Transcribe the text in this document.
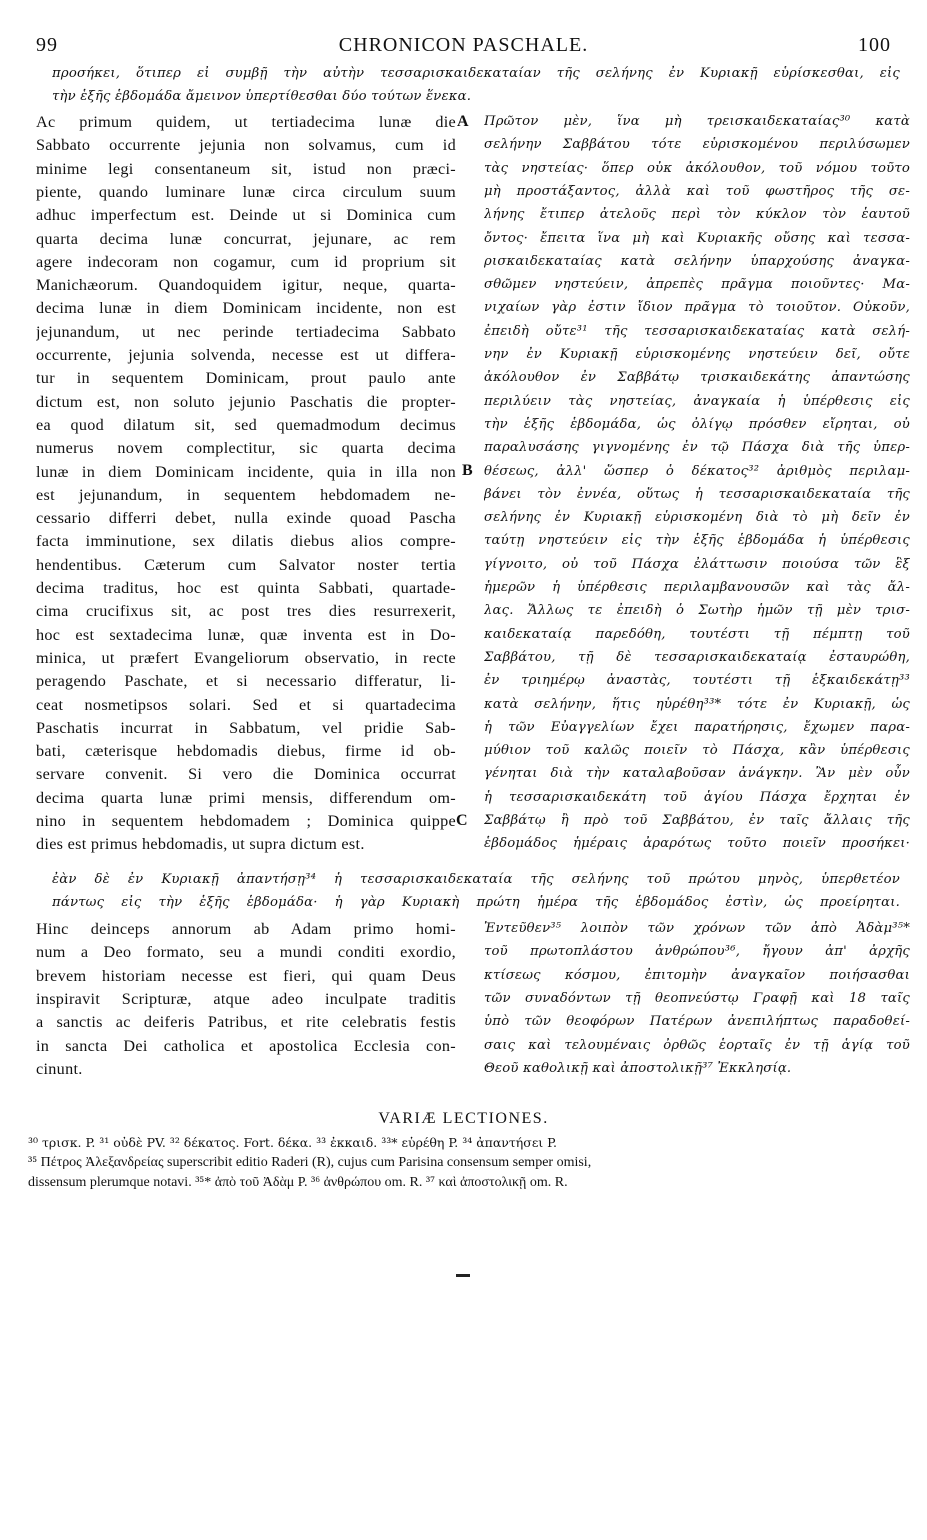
99	CHRONICON PASCHALE.	100
προσήκει, ὅτιπερ εἰ συμβῇ τὴν αὐτὴν τεσσαρισκαιδεκαταίαν τῆς σελήνης ἐν Κυριακῇ εὑρίσκεσθαι, εἰς
τὴν ἑξῆς ἑβδομάδα ἄμεινον ὑπερτίθεσθαι δύο τούτων ἕνεκα.
Ac primum quidem, ut tertiadecima lunæ die
Sabbato occurrente jejunia non solvamus, cum id
minime legi consentaneum sit, istud non præci-
piente, quando luminare lunæ circa circulum suum
adhuc imperfectum est. Deinde ut si Dominica cum
quarta decima lunæ concurrat, jejunare, ac rem
agere indecoram non cogamur, cum id proprium sit
Manichæorum. Quandoquidem igitur, neque, quarta-
decima lunæ in diem Dominicam incidente, non est
jejunandum, ut nec perinde tertiadecima Sabbato
occurrente, jejunia solvenda, necesse est ut differa-
tur in sequentem Dominicam, prout paulo ante
dictum est, non soluto jejunio Paschatis die propter-
ea quod dilatum sit, sed quemadmodum decimus
numerus novem complectitur, sic quarta decima
lunæ in diem Dominicam incidente, quia in illa non
est jejunandum, in sequentem hebdomadem ne-
cessario differri debet, nulla exinde quoad Pascha
facta imminutione, sex dilatis diebus alios compre-
hendentibus. Cæterum cum Salvator noster tertia
decima traditus, hoc est quinta Sabbati, quartade-
cima crucifixus sit, ac post tres dies resurrexerit,
hoc est sextadecima lunæ, quæ inventa est in Do-
minica, ut præfert Evangeliorum observatio, in recte
peragendo Paschate, et si necessario differatur, li-
ceat nosmetipsos solari. Sed et si quartadecima
Paschatis incurrat in Sabbatum, vel pridie Sab-
bati, cæterisque hebdomadis diebus, firme id ob-
servare convenit. Si vero die Dominica occurrat
decima quarta lunæ primi mensis, differendum om-
nino in sequentem hebdomadem ; Dominica quippe
dies est primus hebdomadis, ut supra dictum est.
Πρῶτον μὲν, ἵνα μὴ τρεισκαιδεκαταίας³⁰ κατὰ
σελήνην Σαββάτου τότε εὑρισκομένου περιλύσωμεν
τὰς νηστείας· ὅπερ οὐκ ἀκόλουθον, τοῦ νόμου τοῦτο
μὴ προστάξαντος, ἀλλὰ καὶ τοῦ φωστῆρος τῆς σε-
λήνης ἔτιπερ ἀτελοῦς περὶ τὸν κύκλον τὸν ἑαυτοῦ
ὄντος· ἔπειτα ἵνα μὴ καὶ Κυριακῆς οὔσης καὶ τεσσα-
ρισκαιδεκαταίας κατὰ σελήνην ὑπαρχούσης ἀναγκα-
σθῶμεν νηστεύειν, ἀπρεπὲς πρᾶγμα ποιοῦντες· Μα-
νιχαίων γὰρ ἐστιν ἴδιον πρᾶγμα τὸ τοιοῦτον. Οὐκοῦν,
ἐπειδὴ οὔτε³¹ τῆς τεσσαρισκαιδεκαταίας κατὰ σελή-
νην ἐν Κυριακῇ εὑρισκομένης νηστεύειν δεῖ, οὔτε
ἀκόλουθον ἐν Σαββάτῳ τρισκαιδεκάτης ἀπαντώσης
περιλύειν τὰς νηστείας, ἀναγκαία ἡ ὑπέρθεσις εἰς
τὴν ἑξῆς ἑβδομάδα, ὡς ὀλίγῳ πρόσθεν εἴρηται, οὐ
παραλυσάσης γιγνομένης ἐν τῷ Πάσχα διὰ τῆς ὑπερ-
θέσεως, ἀλλ' ὥσπερ ὁ δέκατος³² ἀριθμὸς περιλαμ-
βάνει τὸν ἐννέα, οὕτως ἡ τεσσαρισκαιδεκαταία τῆς
σελήνης ἐν Κυριακῇ εὑρισκομένη διὰ τὸ μὴ δεῖν ἐν
ταύτῃ νηστεύειν εἰς τὴν ἑξῆς ἑβδομάδα ἡ ὑπέρθεσις
γίγνοιτο, οὐ τοῦ Πάσχα ἐλάττωσιν ποιούσα τῶν ἓξ
ἡμερῶν ἡ ὑπέρθεσις περιλαμβανουσῶν καὶ τὰς ἄλ-
λας. Ἄλλως τε ἐπειδὴ ὁ Σωτὴρ ἡμῶν τῇ μὲν τρισ-
καιδεκαταίᾳ παρεδόθη, τουτέστι τῇ πέμπτῃ τοῦ
Σαββάτου, τῇ δὲ τεσσαρισκαιδεκαταίᾳ ἐσταυρώθη,
ἐν τριημέρῳ ἀναστὰς, τουτέστι τῇ ἑξκαιδεκάτῃ³³
κατὰ σελήνην, ἥτις ηὑρέθη³³* τότε ἐν Κυριακῇ, ὡς
ἡ τῶν Εὐαγγελίων ἔχει παρατήρησις, ἔχωμεν παρα-
μύθιον τοῦ καλῶς ποιεῖν τὸ Πάσχα, κἂν ὑπέρθεσις
γένηται διὰ τὴν καταλαβοῦσαν ἀνάγκην. Ἂν μὲν οὖν
ἡ τεσσαρισκαιδεκάτη τοῦ ἁγίου Πάσχα ἔρχηται ἐν
Σαββάτῳ ἢ πρὸ τοῦ Σαββάτου, ἐν ταῖς ἄλλαις τῆς
ἑβδομάδος ἡμέραις ἀραρότως τοῦτο ποιεῖν προσήκει·
A
B
C
ἐὰν δὲ ἐν Κυριακῇ ἀπαντήσῃ³⁴ ἡ τεσσαρισκαιδεκαταία τῆς σελήνης τοῦ πρώτου μηνὸς, ὑπερθετέον
πάντως εἰς τὴν ἑξῆς ἑβδομάδα· ἡ γὰρ Κυριακὴ πρώτη ἡμέρα τῆς ἑβδομάδος ἐστὶν, ὡς προείρηται.
Hinc deinceps annorum ab Adam primo homi-
num a Deo formato, seu a mundi conditi exordio,
brevem historiam necesse est fieri, qui quam Deus
inspiravit Scripturæ, atque adeo inculpate traditis
a sanctis ac deiferis Patribus, et rite celebratis festis
in sancta Dei catholica et apostolica Ecclesia con-
cinunt.
Ἐντεῦθεν³⁵ λοιπὸν τῶν χρόνων τῶν ἀπὸ Ἀδὰμ³⁵*
τοῦ πρωτοπλάστου ἀνθρώπου³⁶, ἤγουν ἀπ' ἀρχῆς
κτίσεως κόσμου, ἐπιτομὴν ἀναγκαῖον ποιήσασθαι
τῶν συναδόντων τῇ θεοπνεύστῳ Γραφῇ καὶ 18 ταῖς
ὑπὸ τῶν θεοφόρων Πατέρων ἀνεπιλήπτως παραδοθεί-
σαις καὶ τελουμέναις ὀρθῶς ἑορταῖς ἐν τῇ ἁγίᾳ τοῦ
Θεοῦ καθολικῇ καὶ ἀποστολικῇ³⁷ Ἐκκλησίᾳ.
VARIÆ LECTIONES.
³⁰ τρισκ. P. ³¹ οὐδὲ PV. ³² δέκατος. Fort. δέκα. ³³ ἐκκαιδ. ³³* εὑρέθη P. ³⁴ ἀπαντήσει P.
³⁵ Πέτρος Ἀλεξανδρείας superscribit editio Raderi (R), cujus cum Parisina consensum semper omisi,
dissensum plerumque notavi. ³⁵* ἀπὸ τοῦ Ἀδὰμ P. ³⁶ ἀνθρώπου om. R. ³⁷ καὶ ἀποστολικῇ om. R.
